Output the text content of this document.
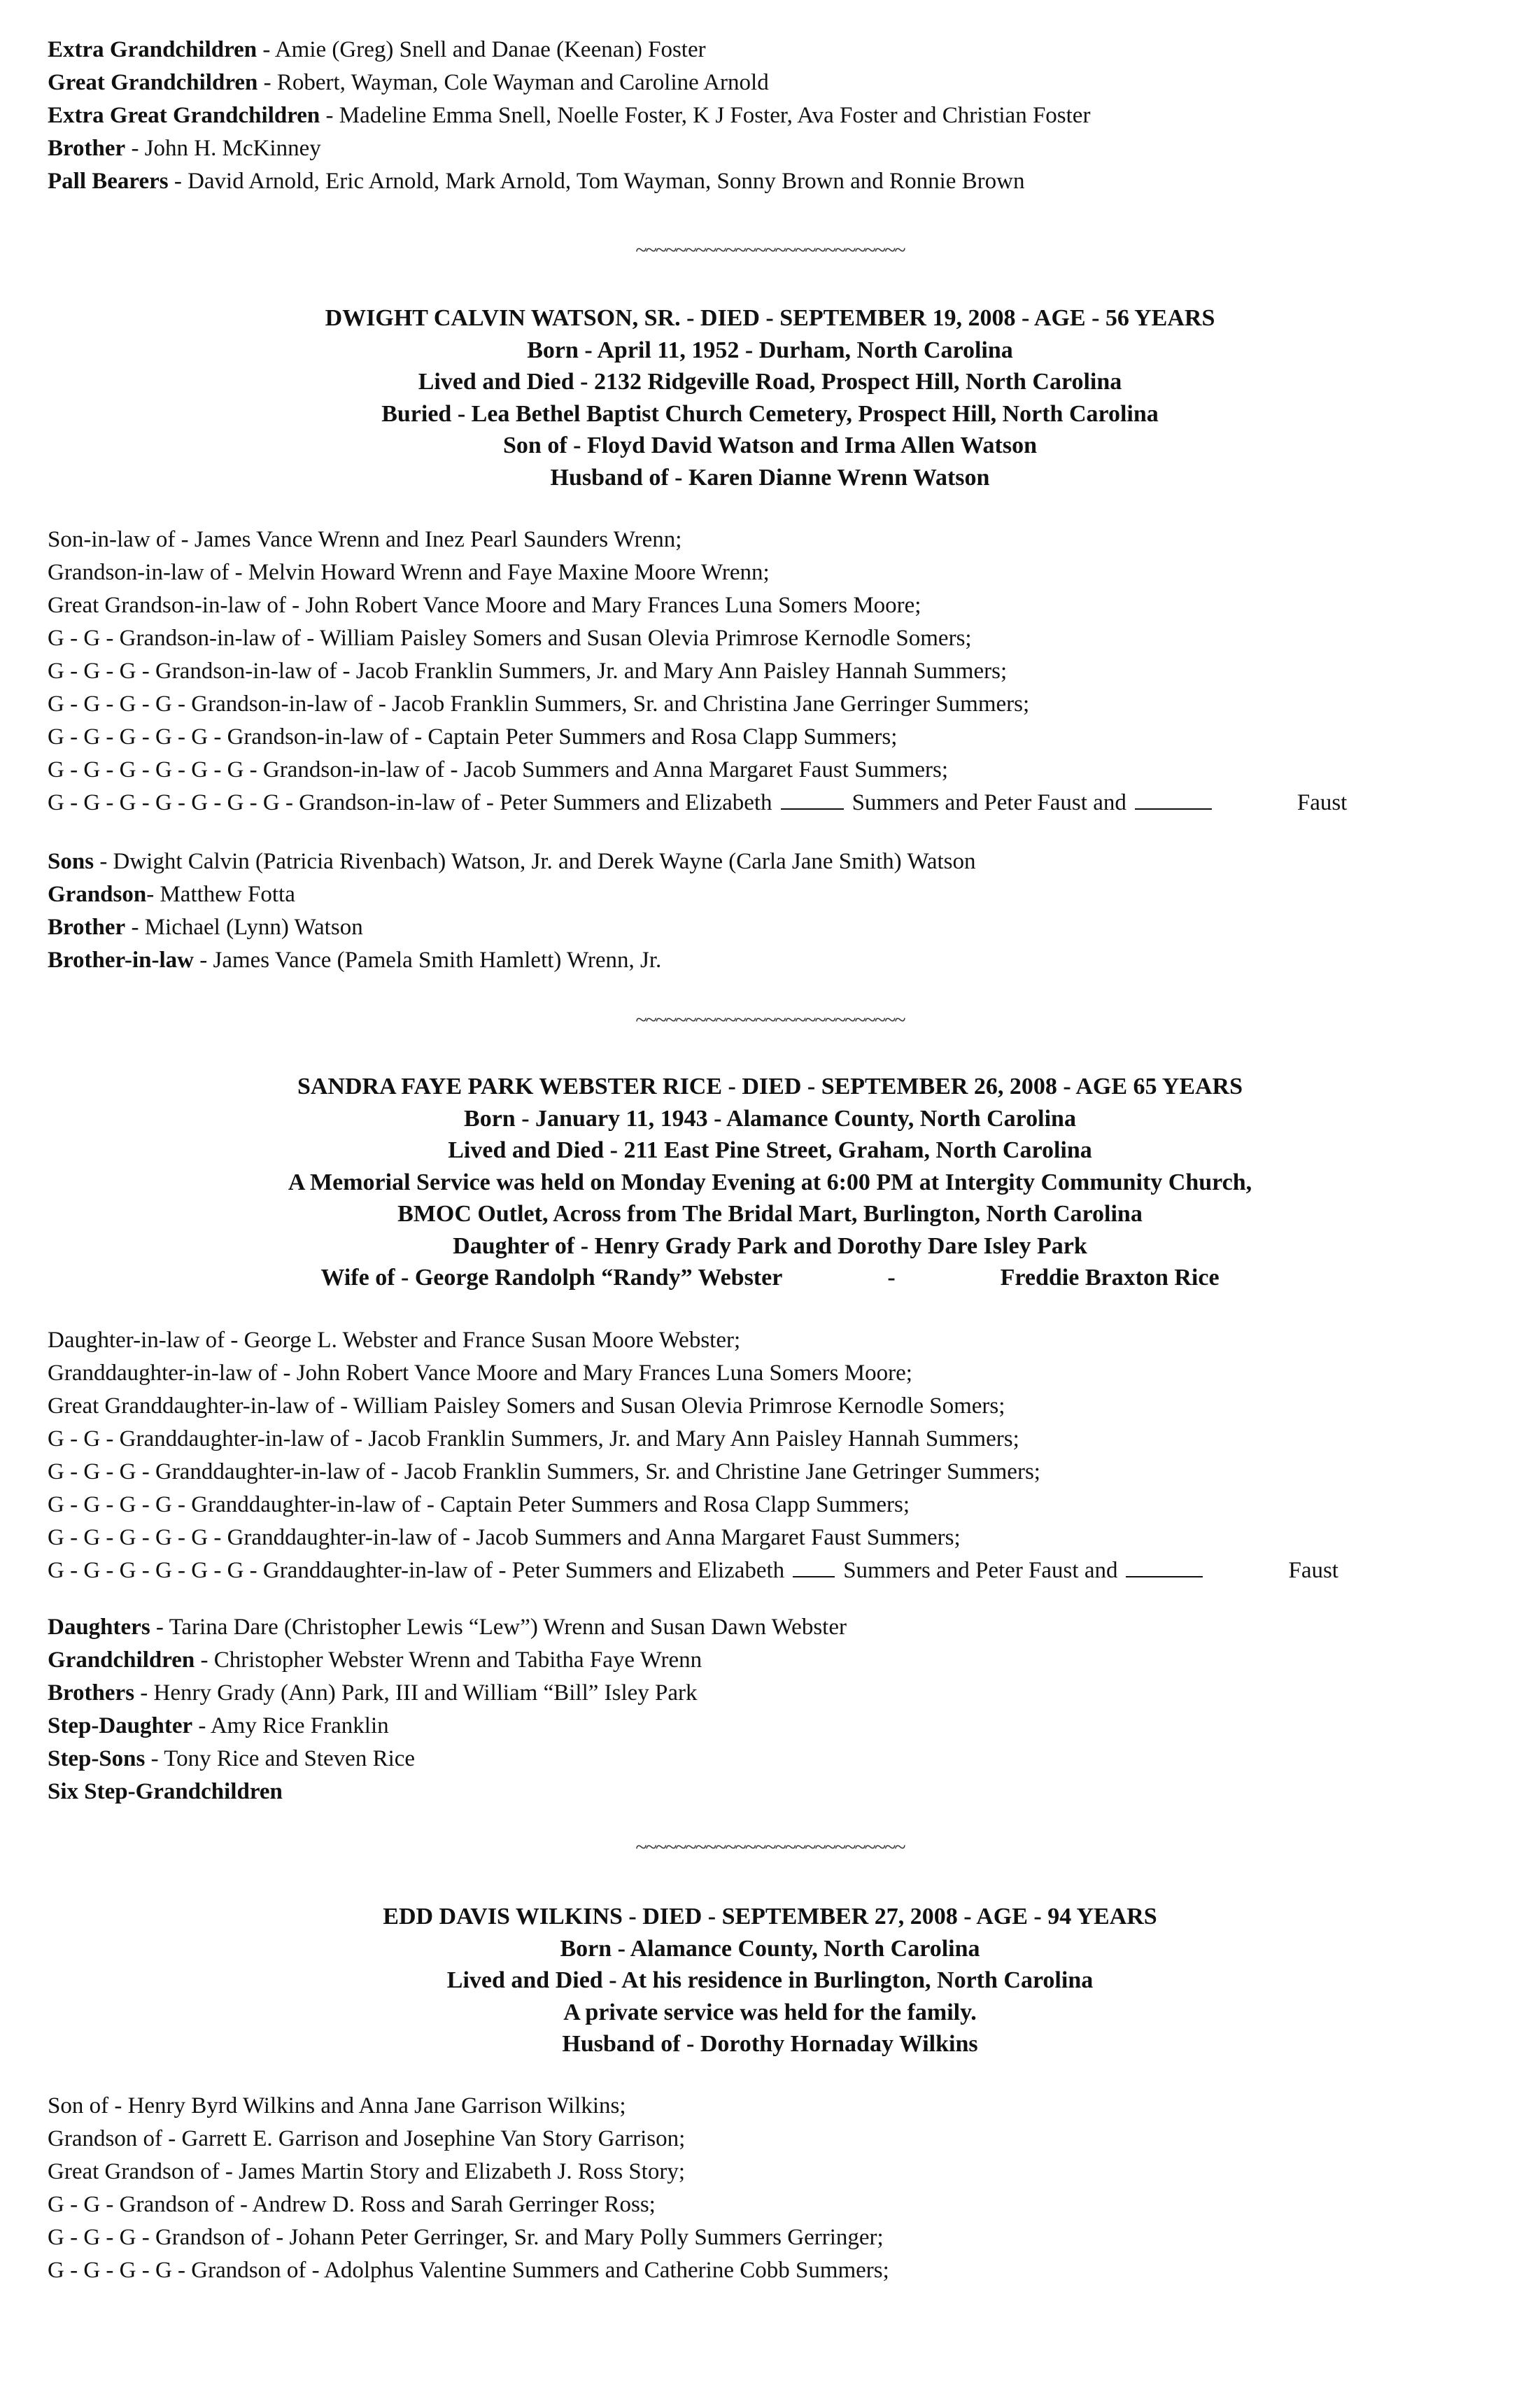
Extra Grandchildren - Amie (Greg) Snell and Danae (Keenan) Foster
Great Grandchildren - Robert, Wayman, Cole Wayman and Caroline Arnold
Extra Great Grandchildren - Madeline Emma Snell, Noelle Foster, K J Foster, Ava Foster and Christian Foster
Brother - John H. McKinney
Pall Bearers - David Arnold, Eric Arnold, Mark Arnold, Tom Wayman, Sonny Brown and Ronnie Brown
~~~~~~~~~~~~~~~~~~~~~~~~~~~
DWIGHT CALVIN WATSON, SR. - DIED - SEPTEMBER 19, 2008 - AGE - 56 YEARS
Born - April 11, 1952 - Durham, North Carolina
Lived and Died - 2132 Ridgeville Road, Prospect Hill, North Carolina
Buried - Lea Bethel Baptist Church Cemetery, Prospect Hill, North Carolina
Son of - Floyd David Watson and Irma Allen Watson
Husband of - Karen Dianne Wrenn Watson
Son-in-law of - James Vance Wrenn and Inez Pearl Saunders Wrenn;
Grandson-in-law of - Melvin Howard Wrenn and Faye Maxine Moore Wrenn;
Great Grandson-in-law of - John Robert Vance Moore and Mary Frances Luna Somers Moore;
G - G - Grandson-in-law of - William Paisley Somers and Susan Olevia Primrose Kernodle Somers;
G - G - G - Grandson-in-law of - Jacob Franklin Summers, Jr. and Mary Ann Paisley Hannah Summers;
G - G - G - G - Grandson-in-law of - Jacob Franklin Summers, Sr. and Christina Jane Gerringer Summers;
G - G - G - G - G - Grandson-in-law of - Captain Peter Summers and Rosa Clapp Summers;
G - G - G - G - G - G - Grandson-in-law of - Jacob Summers and Anna Margaret Faust Summers;
G - G - G - G - G - G - G - Grandson-in-law of - Peter Summers and Elizabeth	Summers and Peter Faust and	Faust
Sons - Dwight Calvin (Patricia Rivenbach) Watson, Jr. and Derek Wayne (Carla Jane Smith) Watson
Grandson- Matthew Fotta
Brother - Michael (Lynn) Watson
Brother-in-law - James Vance (Pamela Smith Hamlett) Wrenn, Jr.
~~~~~~~~~~~~~~~~~~~~~~~~~~~
SANDRA FAYE PARK WEBSTER RICE - DIED - SEPTEMBER 26, 2008 - AGE 65 YEARS
Born - January 11, 1943 - Alamance County, North Carolina
Lived and Died - 211 East Pine Street, Graham, North Carolina
A Memorial Service was held on Monday Evening at 6:00 PM at Intergity Community Church,
BMOC Outlet, Across from The Bridal Mart, Burlington, North Carolina
Daughter of - Henry Grady Park and Dorothy Dare Isley Park
Wife of - George Randolph “Randy” Webster	-	Freddie Braxton Rice
Daughter-in-law of - George L. Webster and France Susan Moore Webster;
Granddaughter-in-law of - John Robert Vance Moore and Mary Frances Luna Somers Moore;
Great Granddaughter-in-law of - William Paisley Somers and Susan Olevia Primrose Kernodle Somers;
G - G - Granddaughter-in-law of - Jacob Franklin Summers, Jr. and Mary Ann Paisley Hannah Summers;
G - G - G - Granddaughter-in-law of - Jacob Franklin Summers, Sr. and Christine Jane Getringer Summers;
G - G - G - G - Granddaughter-in-law of - Captain Peter Summers and Rosa Clapp Summers;
G - G - G - G - G - Granddaughter-in-law of - Jacob Summers and Anna Margaret Faust Summers;
G - G - G - G - G - G - Granddaughter-in-law of - Peter Summers and Elizabeth	Summers and Peter Faust and	Faust
Daughters - Tarina Dare (Christopher Lewis “Lew”) Wrenn and Susan Dawn Webster
Grandchildren - Christopher Webster Wrenn and Tabitha Faye Wrenn
Brothers - Henry Grady (Ann) Park, III and William “Bill” Isley Park
Step-Daughter - Amy Rice Franklin
Step-Sons - Tony Rice and Steven Rice
Six Step-Grandchildren
~~~~~~~~~~~~~~~~~~~~~~~~~~~
EDD DAVIS WILKINS - DIED - SEPTEMBER 27, 2008 - AGE - 94 YEARS
Born - Alamance County, North Carolina
Lived and Died - At his residence in Burlington, North Carolina
A private service was held for the family.
Husband of - Dorothy Hornaday Wilkins
Son of - Henry Byrd Wilkins and Anna Jane Garrison Wilkins;
Grandson of - Garrett E. Garrison and Josephine Van Story Garrison;
Great Grandson of - James Martin Story and Elizabeth J. Ross Story;
G - G - Grandson of - Andrew D. Ross and Sarah Gerringer Ross;
G - G - G - Grandson of - Johann Peter Gerringer, Sr. and Mary Polly Summers Gerringer;
G - G - G - G - Grandson of - Adolphus Valentine Summers and Catherine Cobb Summers;
